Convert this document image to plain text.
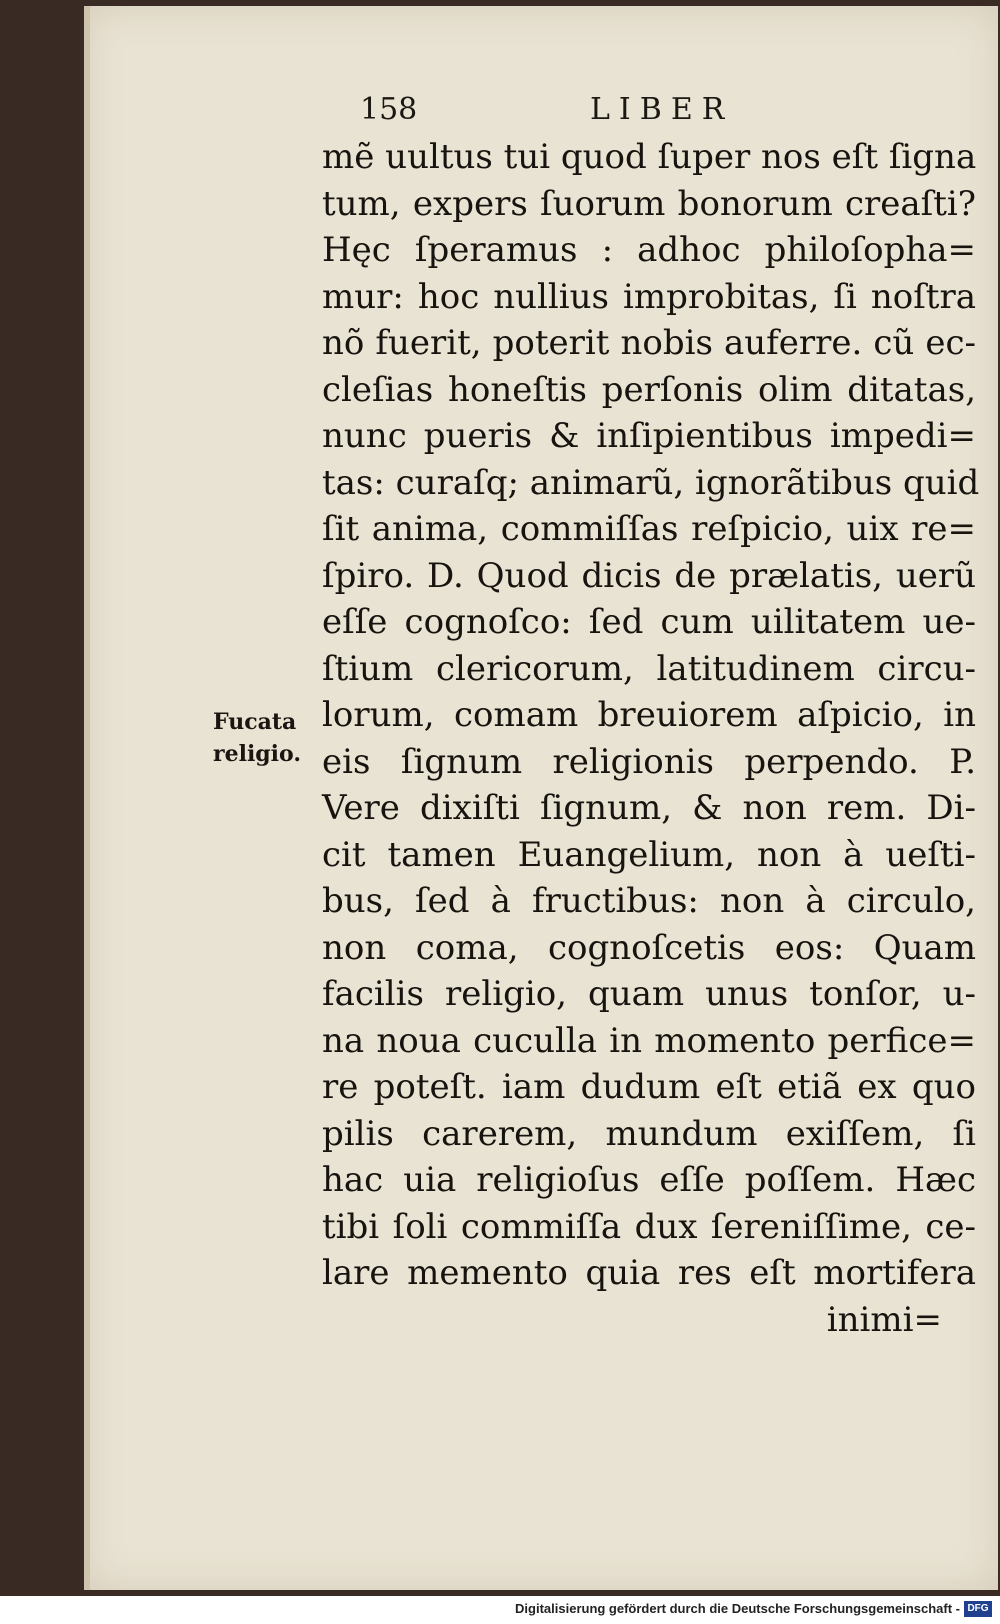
158	LIBER
Fucata
religio.
mẽ uultus tui quod ſuper nos eſt ſigna
tum, expers ſuorum bonorum creaſti?
Hęc ſperamus : adhoc philoſopha=
mur: hoc nullius improbitas, ſi noſtra
nõ fuerit, poterit nobis auferre. cũ ec-
cleſias honeſtis perſonis olim ditatas,
nunc pueris & inſipientibus impedi=
tas: curaſq; animarũ, ignorãtibus quid
ſit anima, commiſſas reſpicio, uix re=
ſpiro. D. Quod dicis de prælatis, uerũ
eſſe cognoſco: ſed cum uilitatem ue-
ſtium clericorum, latitudinem circu-
lorum, comam breuiorem aſpicio, in
eis ſignum religionis perpendo. P.
Vere dixiſti ſignum, & non rem. Di-
cit tamen Euangelium, non à ueſti-
bus, ſed à fructibus: non à circulo,
non coma, cognoſcetis eos: Quam
facilis religio, quam unus tonſor, u-
na noua cuculla in momento perfice=
re poteſt. iam dudum eſt etiã ex quo
pilis carerem, mundum exiſſem, ſi
hac uia religioſus eſſe poſſem. Hæc
tibi ſoli commiſſa dux ſereniſſime, ce-
lare memento quia res eſt mortifera
inimi=
Digitalisierung gefördert durch die Deutsche Forschungsgemeinschaft - DFG
